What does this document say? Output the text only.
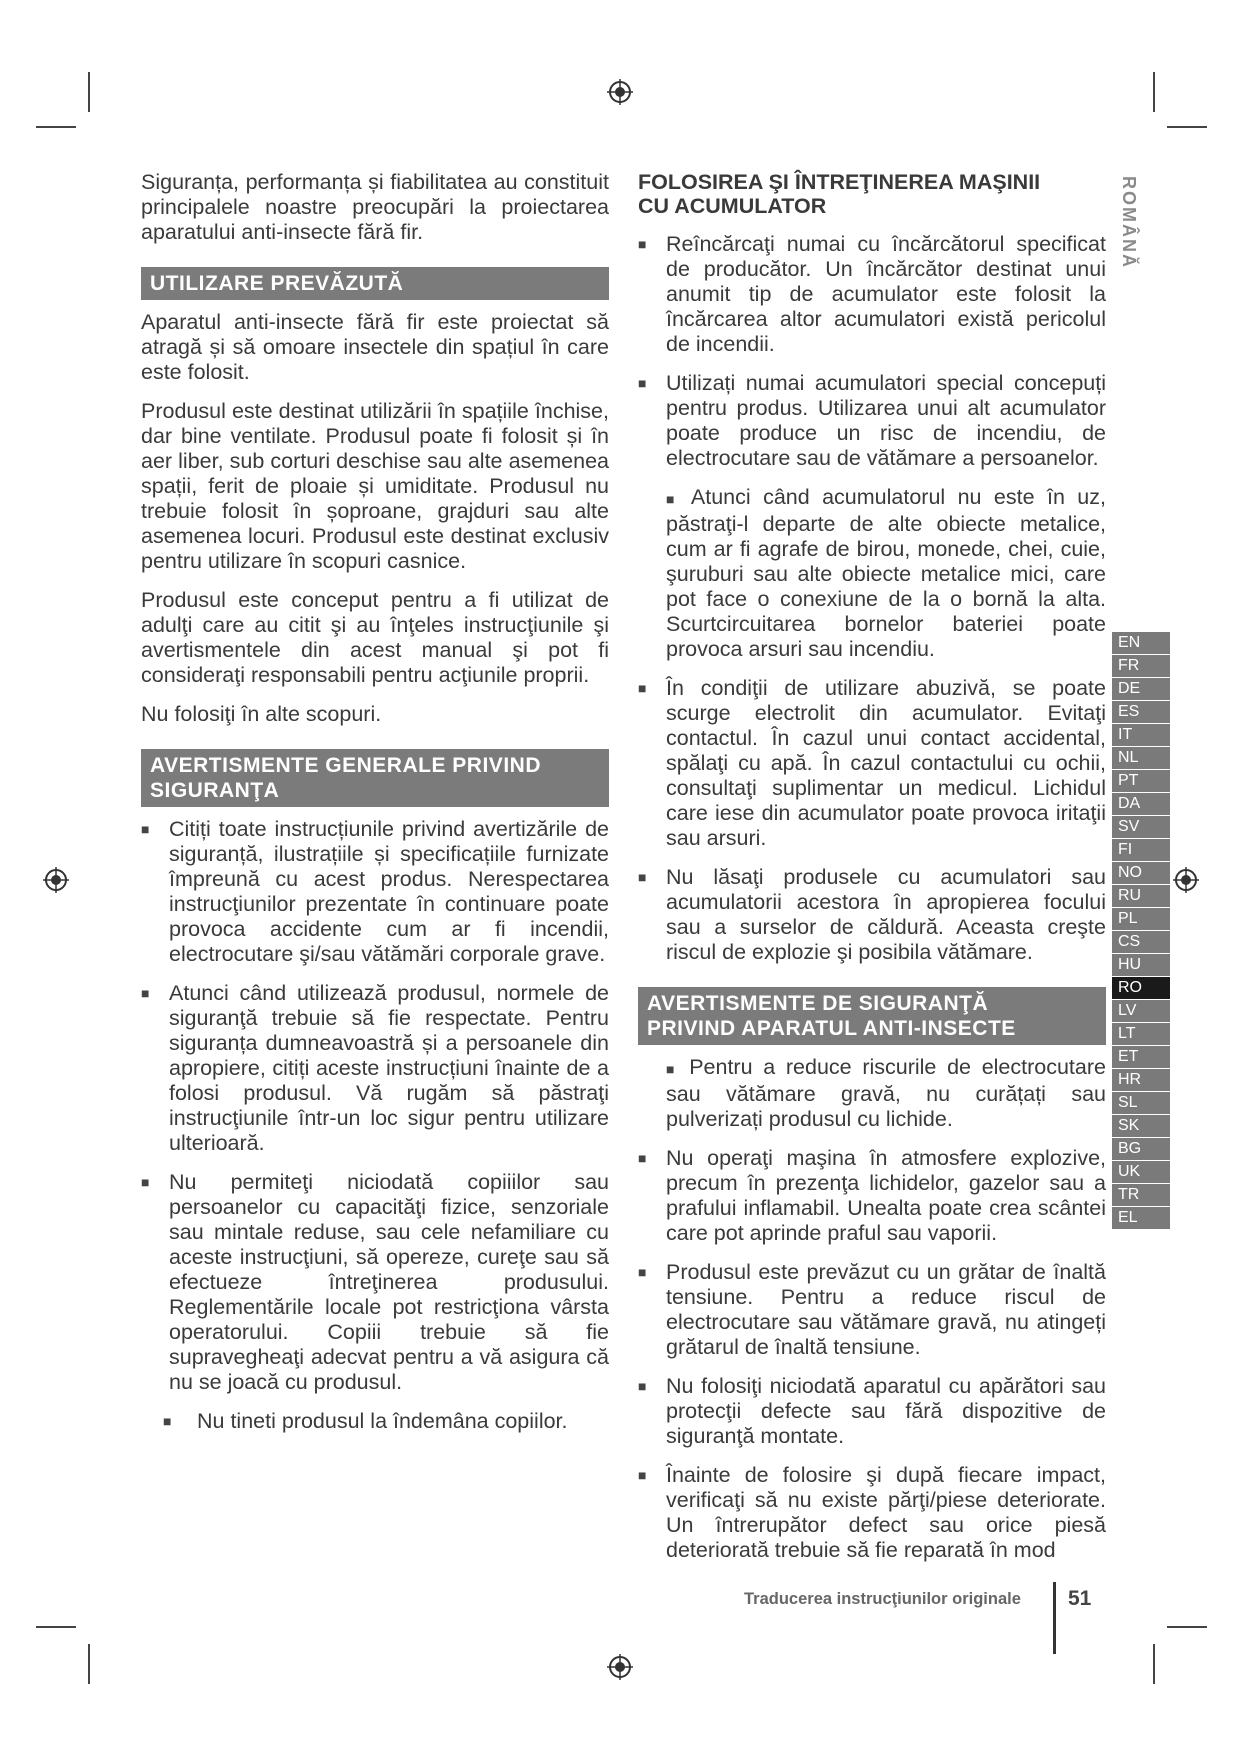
Siguranța, performanța și fiabilitatea au constituit principalele noastre preocupări la proiectarea aparatului anti-insecte fără fir.

UTILIZARE PREVĂZUTĂ

Aparatul anti-insecte fără fir este proiectat să atragă și să omoare insectele din spațiul în care este folosit.

Produsul este destinat utilizării în spațiile închise, dar bine ventilate. Produsul poate fi folosit și în aer liber, sub corturi deschise sau alte asemenea spații, ferit de ploaie și umiditate. Produsul nu trebuie folosit în șoproane, grajduri sau alte asemenea locuri. Produsul este destinat exclusiv pentru utilizare în scopuri casnice.

Produsul este conceput pentru a fi utilizat de adulţi care au citit şi au înţeles instrucţiunile şi avertismentele din acest manual şi pot fi consideraţi responsabili pentru acţiunile proprii.

Nu folosiţi în alte scopuri.

AVERTISMENTE GENERALE PRIVIND
SIGURANŢA
■ Citiți toate instrucțiunile privind avertizările de siguranță, ilustrațiile și specificațiile furnizate împreună cu acest produs. Nerespectarea instrucţiunilor prezentate în continuare poate provoca accidente cum ar fi incendii, electrocutare şi/sau vătămări corporale grave.
■ Atunci când utilizează produsul, normele de siguranţă trebuie să fie respectate. Pentru siguranța dumneavoastră și a persoanele din apropiere, citiți aceste instrucțiuni înainte de a folosi produsul. Vă rugăm să păstraţi instrucţiunile într-un loc sigur pentru utilizare ulterioară.
■ Nu permiteţi niciodată copiiilor sau persoanelor cu capacităţi fizice, senzoriale sau mintale reduse, sau cele nefamiliare cu aceste instrucţiuni, să opereze, cureţe sau să efectueze întreţinerea produsului. Reglementările locale pot restricţiona vârsta operatorului. Copiii trebuie să fie supravegheaţi adecvat pentru a vă asigura că nu se joacă cu produsul.
■ Nu tineti produsul la îndemâna copiilor.
FOLOSIREA ŞI ÎNTREŢINEREA MAŞINII
CU ACUMULATOR
■ Reîncărcaţi numai cu încărcătorul specificat de producător. Un încărcător destinat unui anumit tip de acumulator este folosit la încărcarea altor acumulatori există pericolul de incendii.
■ Utilizați numai acumulatori special concepuți pentru produs. Utilizarea unui alt acumulator poate produce un risc de incendiu, de electrocutare sau de vătămare a persoanelor.
■ Atunci când acumulatorul nu este în uz, păstraţi-l departe de alte obiecte metalice, cum ar fi agrafe de birou, monede, chei, cuie, şuruburi sau alte obiecte metalice mici, care pot face o conexiune de la o bornă la alta. Scurtcircuitarea bornelor bateriei poate provoca arsuri sau incendiu.
■ În condiţii de utilizare abuzivă, se poate scurge electrolit din acumulator. Evitaţi contactul. În cazul unui contact accidental, spălaţi cu apă. În cazul contactului cu ochii, consultaţi suplimentar un medicul. Lichidul care iese din acumulator poate provoca iritaţii sau arsuri.
■ Nu lăsaţi produsele cu acumulatori sau acumulatorii acestora în apropierea focului sau a surselor de căldură. Aceasta creşte riscul de explozie şi posibila vătămare.
AVERTISMENTE DE SIGURANŢĂ
PRIVIND APARATUL ANTI-INSECTE
■ Pentru a reduce riscurile de electrocutare sau vătămare gravă, nu curățați sau pulverizați produsul cu lichide.
■ Nu operaţi maşina în atmosfere explozive, precum în prezenţa lichidelor, gazelor sau a prafului inflamabil. Unealta poate crea scântei care pot aprinde praful sau vaporii.
■ Produsul este prevăzut cu un grătar de înaltă tensiune. Pentru a reduce riscul de electrocutare sau vătămare gravă, nu atingeți grătarul de înaltă tensiune.
■ Nu folosiţi niciodată aparatul cu apărători sau protecţii defecte sau fără dispozitive de siguranţă montate.
■ Înainte de folosire şi după fiecare impact, verificaţi să nu existe părţi/piese deteriorate. Un întrerupător defect sau orice piesă deteriorată trebuie să fie reparată în mod
ROMÂNĂ
EN
FR
DE
ES
IT
NL
PT
DA
SV
FI
NO
RU
PL
CS
HU
RO
LV
LT
ET
HR
SL
SK
BG
UK
TR
EL
Traducerea instrucţiunilor originale 51
